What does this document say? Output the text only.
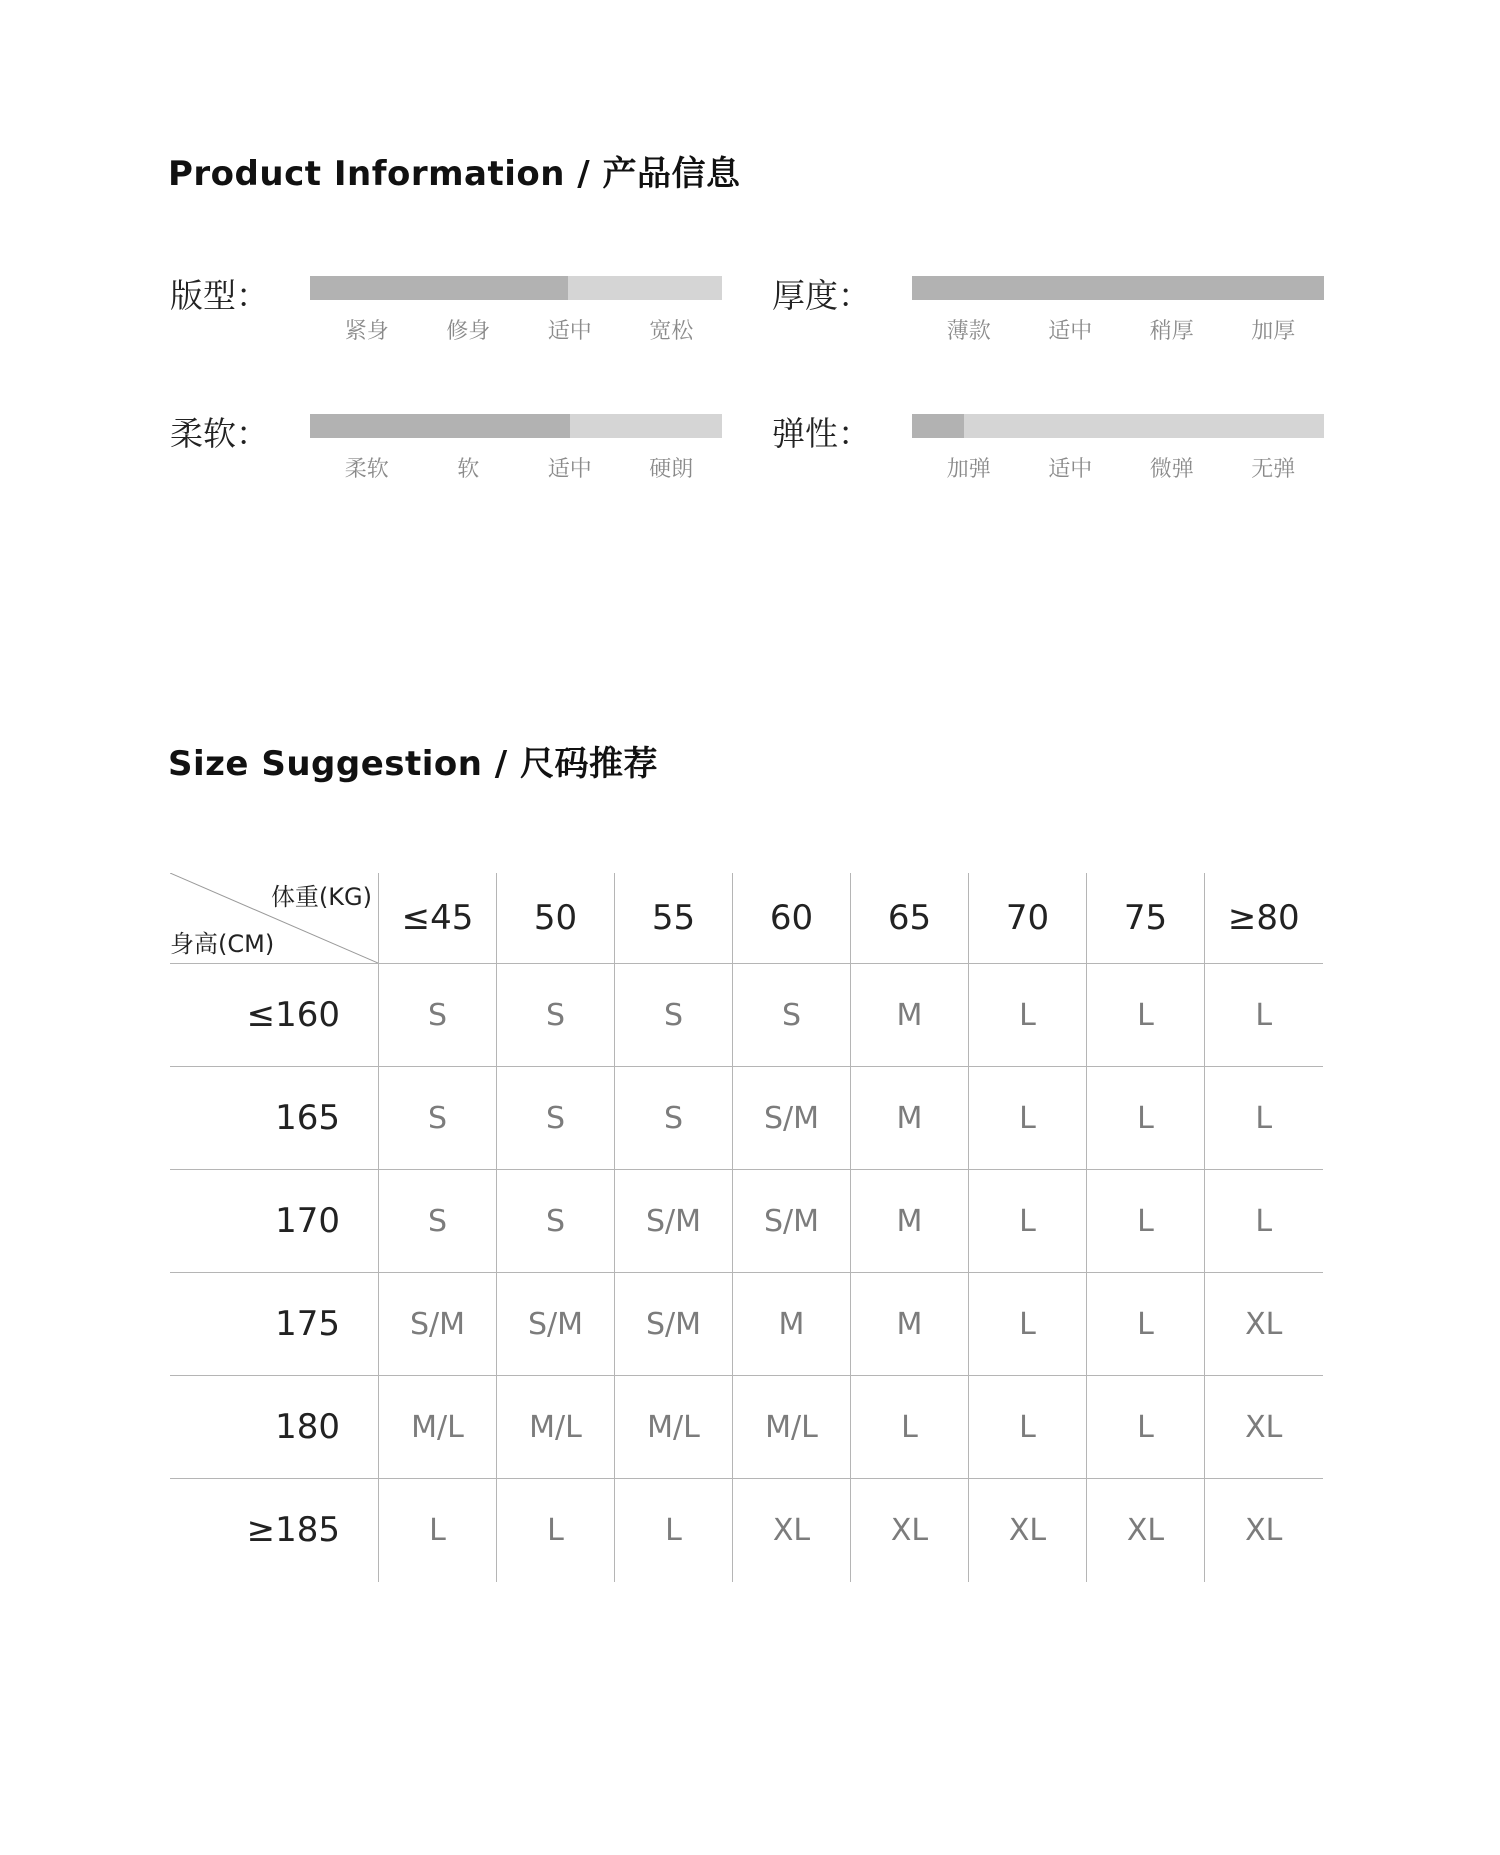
Product Information / 产品信息
版型：
紧身	修身	适中	宽松
厚度：
薄款	适中	稍厚	加厚
柔软：
柔软	软	适中	硬朗
弹性：
加弹	适中	微弹	无弹
Size Suggestion / 尺码推荐
体重(KG)
身高(CM)	≤45	50	55	60	65	70	75	≥80
≤160	S	S	S	S	M	L	L	L
165	S	S	S	S/M	M	L	L	L
170	S	S	S/M	S/M	M	L	L	L
175	S/M	S/M	S/M	M	M	L	L	XL
180	M/L	M/L	M/L	M/L	L	L	L	XL
≥185	L	L	L	XL	XL	XL	XL	XL
